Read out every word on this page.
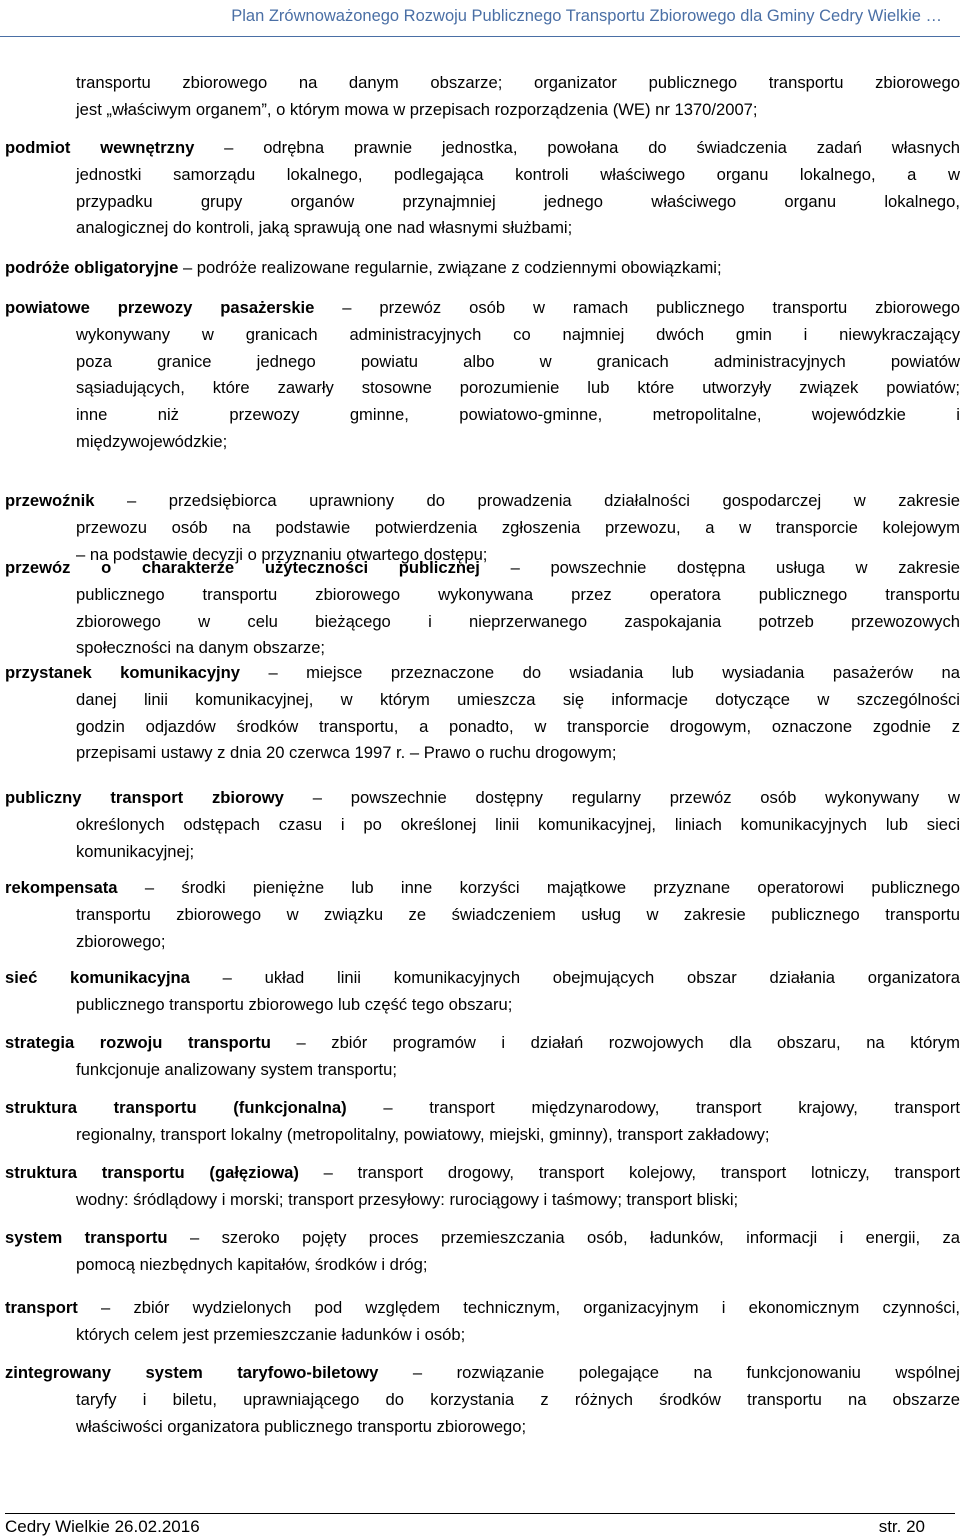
Plan Zrównoważonego Rozwoju Publicznego Transportu Zbiorowego dla Gminy Cedry Wielkie …
transportu zbiorowego na danym obszarze; organizator publicznego transportu zbiorowego
jest „właściwym organem”, o którym mowa w przepisach rozporządzenia (WE) nr 1370/2007;
podmiot wewnętrzny – odrębna prawnie jednostka, powołana do świadczenia zadań własnych
jednostki samorządu lokalnego, podlegająca kontroli właściwego organu lokalnego, a w
przypadku grupy organów przynajmniej jednego właściwego organu lokalnego,
analogicznej do kontroli, jaką sprawują one nad własnymi służbami;
podróże obligatoryjne – podróże realizowane regularnie, związane z codziennymi obowiązkami;
powiatowe przewozy pasażerskie – przewóz osób w ramach publicznego transportu zbiorowego
wykonywany w granicach administracyjnych co najmniej dwóch gmin i niewykraczający
poza granice jednego powiatu albo w granicach administracyjnych powiatów
sąsiadujących, które zawarły stosowne porozumienie lub które utworzyły związek powiatów;
inne niż przewozy gminne, powiatowo-gminne, metropolitalne, wojewódzkie i
międzywojewódzkie;
przewoźnik – przedsiębiorca uprawniony do prowadzenia działalności gospodarczej w zakresie
przewozu osób na podstawie potwierdzenia zgłoszenia przewozu, a w transporcie kolejowym
– na podstawie decyzji o przyznaniu otwartego dostępu;
przewóz o charakterze użyteczności publicznej – powszechnie dostępna usługa w zakresie
publicznego transportu zbiorowego wykonywana przez operatora publicznego transportu
zbiorowego w celu bieżącego i nieprzerwanego zaspokajania potrzeb przewozowych
społeczności na danym obszarze;
przystanek komunikacyjny – miejsce przeznaczone do wsiadania lub wysiadania pasażerów na
danej linii komunikacyjnej, w którym umieszcza się informacje dotyczące w szczególności
godzin odjazdów środków transportu, a ponadto, w transporcie drogowym, oznaczone zgodnie z
przepisami ustawy z dnia 20 czerwca 1997 r. – Prawo o ruchu drogowym;
publiczny transport zbiorowy – powszechnie dostępny regularny przewóz osób wykonywany w
określonych odstępach czasu i po określonej linii komunikacyjnej, liniach komunikacyjnych lub sieci
komunikacyjnej;
rekompensata – środki pieniężne lub inne korzyści majątkowe przyznane operatorowi publicznego
transportu zbiorowego w związku ze świadczeniem usług w zakresie publicznego transportu
zbiorowego;
sieć komunikacyjna – układ linii komunikacyjnych obejmujących obszar działania organizatora
publicznego transportu zbiorowego lub część tego obszaru;
strategia rozwoju transportu – zbiór programów i działań rozwojowych dla obszaru, na którym
funkcjonuje analizowany system transportu;
struktura transportu (funkcjonalna) – transport międzynarodowy, transport krajowy, transport
regionalny, transport lokalny (metropolitalny, powiatowy, miejski, gminny), transport zakładowy;
struktura transportu (gałęziowa) – transport drogowy, transport kolejowy, transport lotniczy, transport
wodny: śródlądowy i morski; transport przesyłowy: rurociągowy i taśmowy; transport bliski;
system transportu – szeroko pojęty proces przemieszczania osób, ładunków, informacji i energii, za
pomocą niezbędnych kapitałów, środków i dróg;
transport – zbiór wydzielonych pod względem technicznym, organizacyjnym i ekonomicznym czynności,
których celem jest przemieszczanie ładunków i osób;
zintegrowany system taryfowo-biletowy – rozwiązanie polegające na funkcjonowaniu wspólnej
taryfy i biletu, uprawniającego do korzystania z różnych środków transportu na obszarze
właściwości organizatora publicznego transportu zbiorowego;
Cedry Wielkie 26.02.2016	str. 20
